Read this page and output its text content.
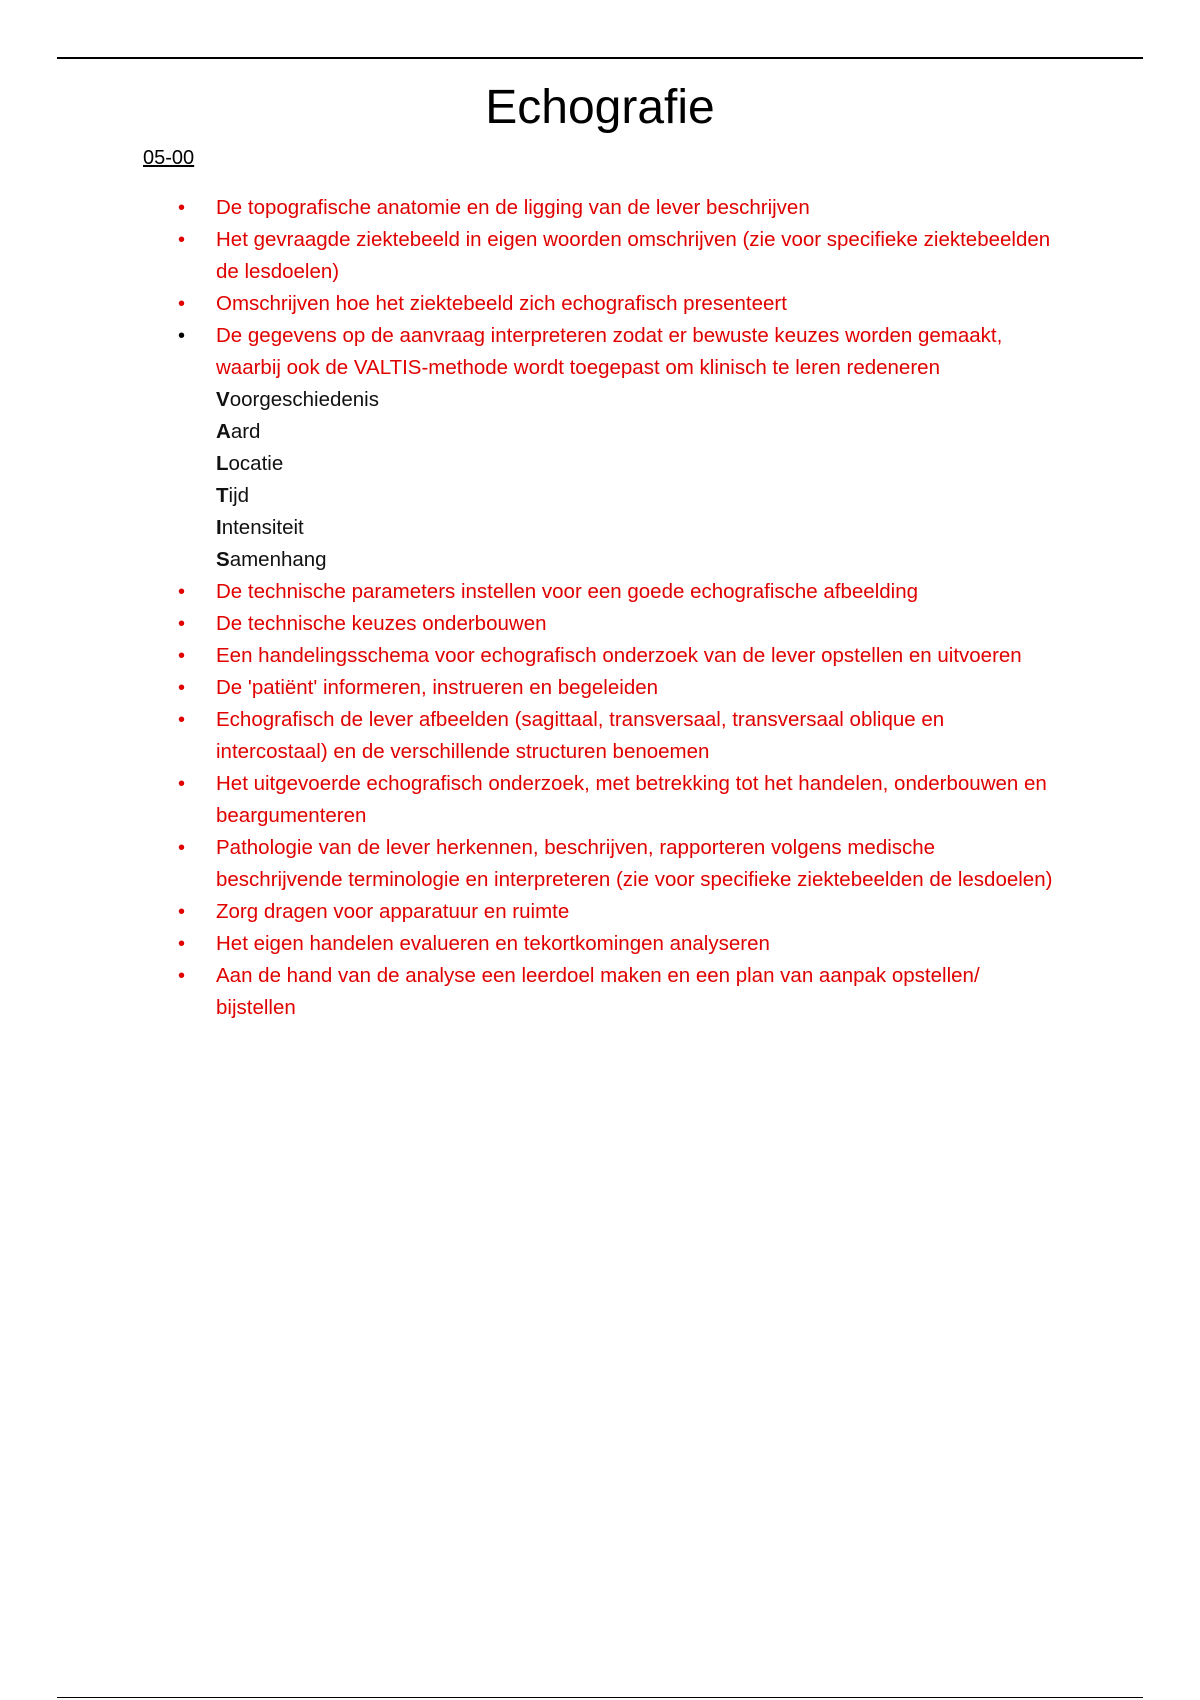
Echografie
05-00
•	De topografische anatomie en de ligging van de lever beschrijven
•	Het gevraagde ziektebeeld in eigen woorden omschrijven (zie voor specifieke ziektebeelden de lesdoelen)
•	Omschrijven hoe het ziektebeeld zich echografisch presenteert
•	De gegevens op de aanvraag interpreteren zodat er bewuste keuzes worden gemaakt, waarbij ook de VALTIS-methode wordt toegepast om klinisch te leren redeneren
Voorgeschiedenis
Aard
Locatie
Tijd
Intensiteit
Samenhang
•	De technische parameters instellen voor een goede echografische afbeelding
•	De technische keuzes onderbouwen
•	Een handelingsschema voor echografisch onderzoek van de lever opstellen en uitvoeren
•	De 'patiënt' informeren, instrueren en begeleiden
•	Echografisch de lever afbeelden (sagittaal, transversaal, transversaal oblique en intercostaal) en de verschillende structuren benoemen
•	Het uitgevoerde echografisch onderzoek, met betrekking tot het handelen, onderbouwen en beargumenteren
•	Pathologie van de lever herkennen, beschrijven, rapporteren volgens medische beschrijvende terminologie en interpreteren (zie voor specifieke ziektebeelden de lesdoelen)
•	Zorg dragen voor apparatuur en ruimte
•	Het eigen handelen evalueren en tekortkomingen analyseren
•	Aan de hand van de analyse een leerdoel maken en een plan van aanpak opstellen/ bijstellen
